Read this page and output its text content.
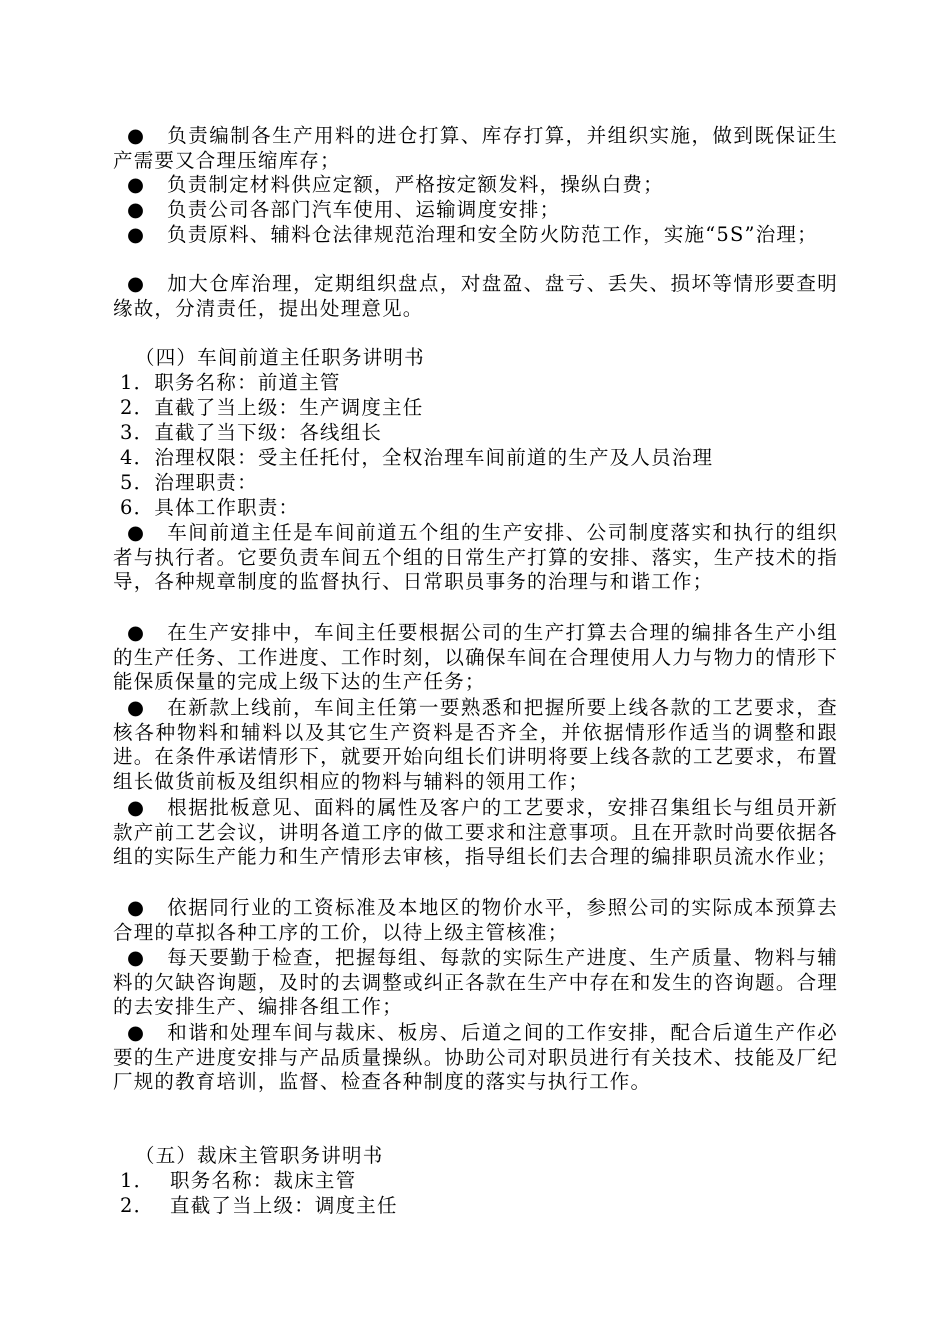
● 负责编制各生产用料的进仓打算、库存打算，并组织实施，做到既保证生产需要又合理压缩库存；
● 负责制定材料供应定额，严格按定额发料，操纵白费；
● 负责公司各部门汽车使用、运输调度安排；
● 负责原料、辅料仓法律规范治理和安全防火防范工作，实施“5S”治理；
● 加大仓库治理，定期组织盘点，对盘盈、盘亏、丢失、损坏等情形要查明缘故，分清责任，提出处理意见。
（四）车间前道主任职务讲明书
1．职务名称：前道主管
2．直截了当上级：生产调度主任
3．直截了当下级：各线组长
4．治理权限：受主任托付，全权治理车间前道的生产及人员治理
5．治理职责：
6．具体工作职责：
● 车间前道主任是车间前道五个组的生产安排、公司制度落实和执行的组织者与执行者。它要负责车间五个组的日常生产打算的安排、落实，生产技术的指导，各种规章制度的监督执行、日常职员事务的治理与和谐工作；
● 在生产安排中，车间主任要根据公司的生产打算去合理的编排各生产小组的生产任务、工作进度、工作时刻，以确保车间在合理使用人力与物力的情形下能保质保量的完成上级下达的生产任务；
● 在新款上线前，车间主任第一要熟悉和把握所要上线各款的工艺要求，查核各种物料和辅料以及其它生产资料是否齐全，并依据情形作适当的调整和跟进。在条件承诺情形下，就要开始向组长们讲明将要上线各款的工艺要求，布置组长做货前板及组织相应的物料与辅料的领用工作；
● 根据批板意见、面料的属性及客户的工艺要求，安排召集组长与组员开新款产前工艺会议，讲明各道工序的做工要求和注意事项。且在开款时尚要依据各组的实际生产能力和生产情形去审核，指导组长们去合理的编排职员流水作业；
● 依据同行业的工资标准及本地区的物价水平，参照公司的实际成本预算去合理的草拟各种工序的工价，以待上级主管核准；
● 每天要勤于检查，把握每组、每款的实际生产进度、生产质量、物料与辅料的欠缺咨询题，及时的去调整或纠正各款在生产中存在和发生的咨询题。合理的去安排生产、编排各组工作；
● 和谐和处理车间与裁床、板房、后道之间的工作安排，配合后道生产作必要的生产进度安排与产品质量操纵。协助公司对职员进行有关技术、技能及厂纪厂规的教育培训，监督、检查各种制度的落实与执行工作。
（五）裁床主管职务讲明书
1． 职务名称：裁床主管
2． 直截了当上级：调度主任
